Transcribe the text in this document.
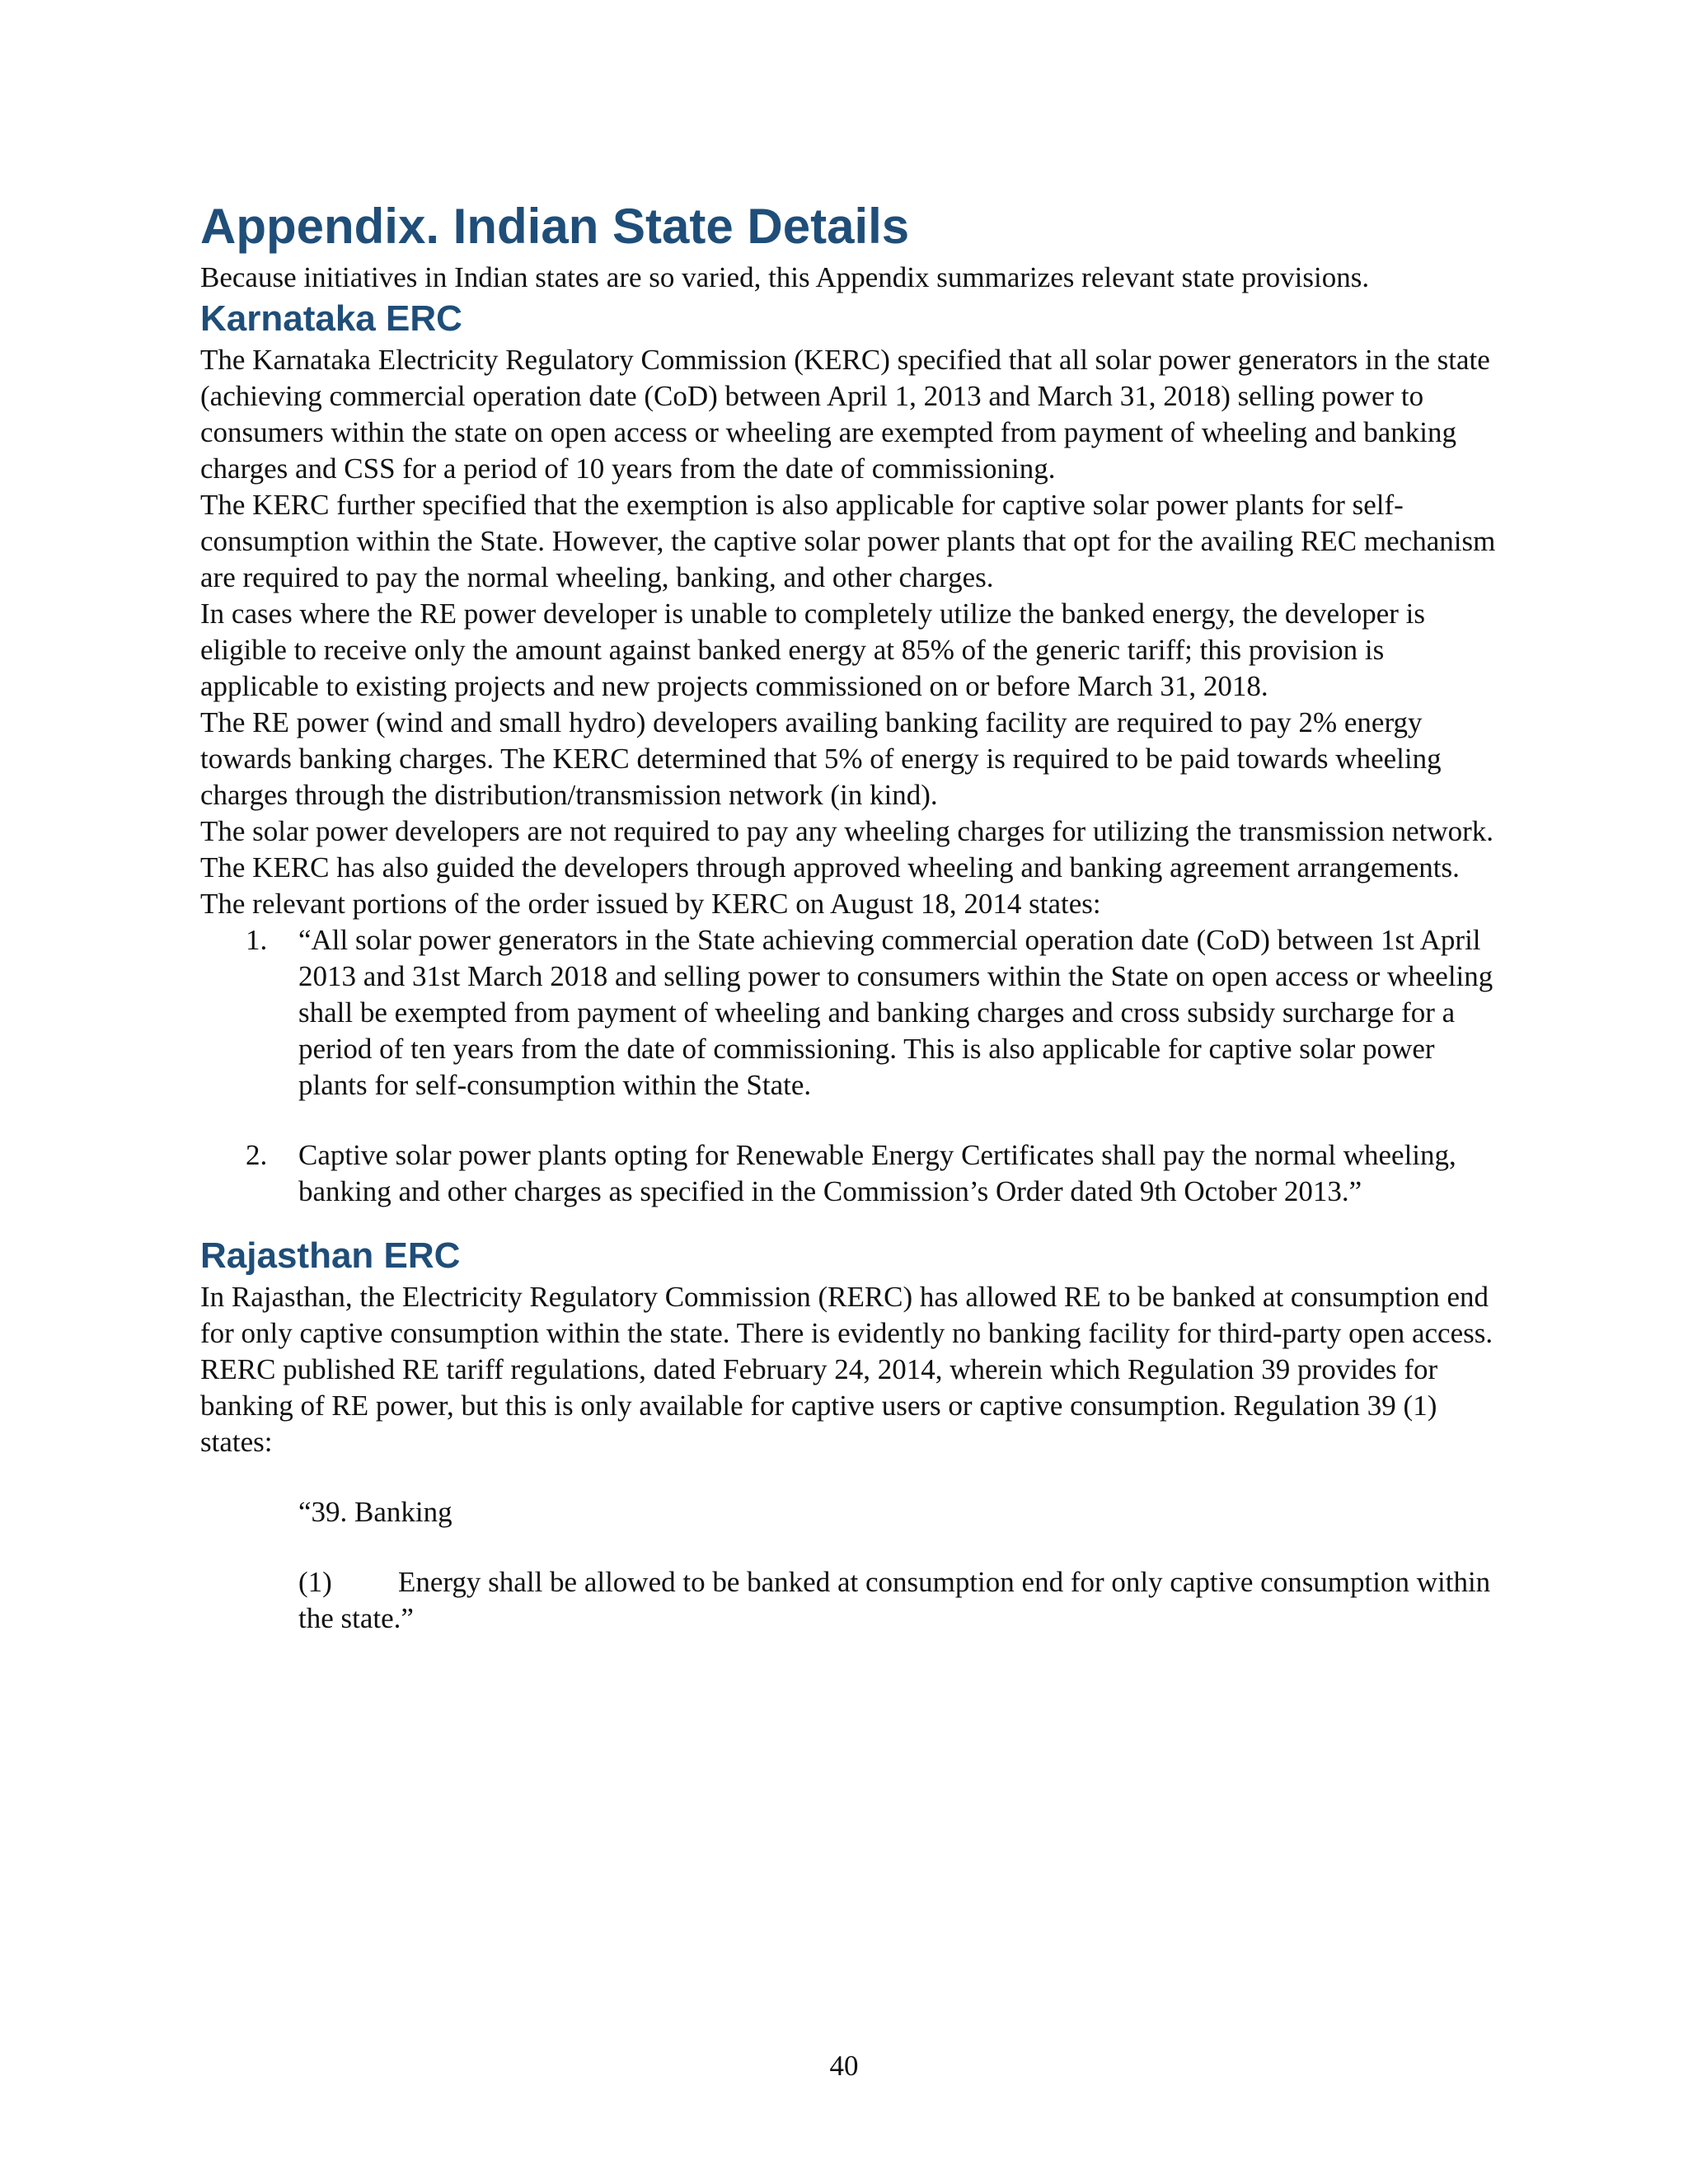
Appendix. Indian State Details

Because initiatives in Indian states are so varied, this Appendix summarizes relevant state provisions.

Karnataka ERC

The Karnataka Electricity Regulatory Commission (KERC) specified that all solar power generators in the state (achieving commercial operation date (CoD) between April 1, 2013 and March 31, 2018) selling power to consumers within the state on open access or wheeling are exempted from payment of wheeling and banking charges and CSS for a period of 10 years from the date of commissioning.

The KERC further specified that the exemption is also applicable for captive solar power plants for self-consumption within the State. However, the captive solar power plants that opt for the availing REC mechanism are required to pay the normal wheeling, banking, and other charges.

In cases where the RE power developer is unable to completely utilize the banked energy, the developer is eligible to receive only the amount against banked energy at 85% of the generic tariff; this provision is applicable to existing projects and new projects commissioned on or before March 31, 2018.

The RE power (wind and small hydro) developers availing banking facility are required to pay 2% energy towards banking charges. The KERC determined that 5% of energy is required to be paid towards wheeling charges through the distribution/transmission network (in kind).

The solar power developers are not required to pay any wheeling charges for utilizing the transmission network. The KERC has also guided the developers through approved wheeling and banking agreement arrangements. The relevant portions of the order issued by KERC on August 18, 2014 states:

1. “All solar power generators in the State achieving commercial operation date (CoD) between 1st April 2013 and 31st March 2018 and selling power to consumers within the State on open access or wheeling shall be exempted from payment of wheeling and banking charges and cross subsidy surcharge for a period of ten years from the date of commissioning. This is also applicable for captive solar power plants for self-consumption within the State.
2. Captive solar power plants opting for Renewable Energy Certificates shall pay the normal wheeling, banking and other charges as specified in the Commission’s Order dated 9th October 2013.”
Rajasthan ERC

In Rajasthan, the Electricity Regulatory Commission (RERC) has allowed RE to be banked at consumption end for only captive consumption within the state. There is evidently no banking facility for third-party open access. RERC published RE tariff regulations, dated February 24, 2014, wherein which Regulation 39 provides for banking of RE power, but this is only available for captive users or captive consumption. Regulation 39 (1) states:

“39. Banking

(1) Energy shall be allowed to be banked at consumption end for only captive consumption within the state.”

40
